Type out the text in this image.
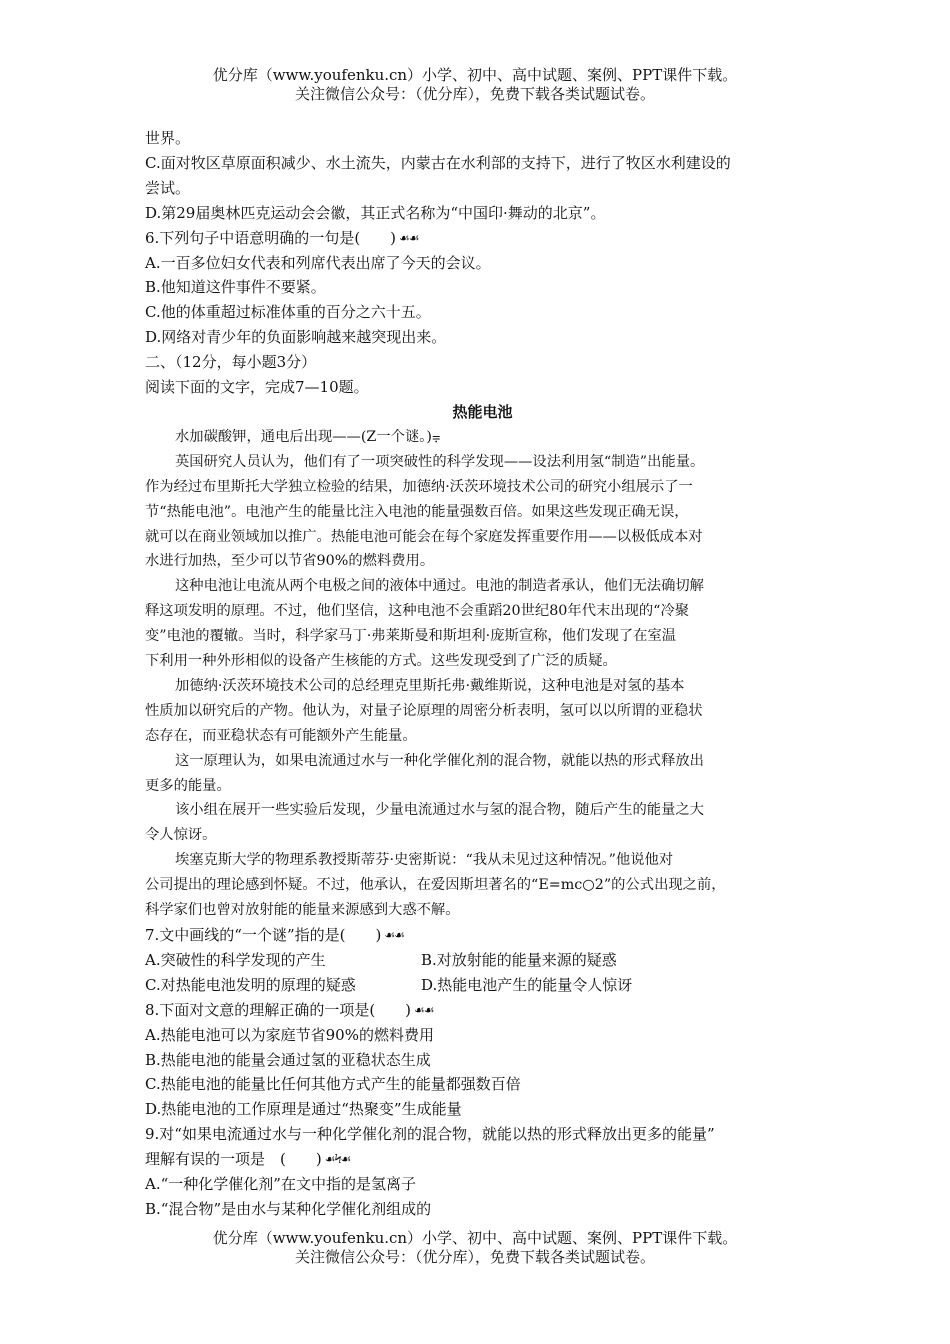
优分库（www.youfenku.cn）小学、初中、高中试题、案例、PPT课件下载。
关注微信公众号：（优分库），免费下载各类试题试卷。
世界。
C.面对牧区草原面积减少、水土流失，内蒙古在水利部的支持下，进行了牧区水利建设的
尝试。
D.第29届奥林匹克运动会会徽，其正式名称为“中国印·舞动的北京”。
6.下列句子中语意明确的一句是(　　) ☙☙
A.一百多位妇女代表和列席代表出席了今天的会议。
B.他知道这件事件不要紧。
C.他的体重超过标准体重的百分之六十五。
D.网络对青少年的负面影响越来越突现出来。
二、（12分，每小题3分）
阅读下面的文字，完成7—10题。
热能电池
水加碳酸钾，通电后出现——(Z一个谜。)⩦
英国研究人员认为，他们有了一项突破性的科学发现——设法利用氢“制造”出能量。
作为经过布里斯托大学独立检验的结果，加德纳·沃茨环境技术公司的研究小组展示了一
节“热能电池”。电池产生的能量比注入电池的能量强数百倍。如果这些发现正确无误，
就可以在商业领域加以推广。热能电池可能会在每个家庭发挥重要作用——以极低成本对
水进行加热，至少可以节省90%的燃料费用。
这种电池让电流从两个电极之间的液体中通过。电池的制造者承认，他们无法确切解
释这项发明的原理。不过，他们坚信，这种电池不会重蹈20世纪80年代末出现的“冷聚
变”电池的覆辙。当时，科学家马丁·弗莱斯曼和斯坦利·庞斯宣称，他们发现了在室温
下利用一种外形相似的设备产生核能的方式。这些发现受到了广泛的质疑。
加德纳·沃茨环境技术公司的总经理克里斯托弗·戴维斯说，这种电池是对氢的基本
性质加以研究后的产物。他认为，对量子论原理的周密分析表明，氢可以以所谓的亚稳状
态存在，而亚稳状态有可能额外产生能量。
这一原理认为，如果电流通过水与一种化学催化剂的混合物，就能以热的形式释放出
更多的能量。
该小组在展开一些实验后发现，少量电流通过水与氢的混合物，随后产生的能量之大
令人惊讶。
埃塞克斯大学的物理系教授斯蒂芬·史密斯说：“我从未见过这种情况。”他说他对
公司提出的理论感到怀疑。不过，他承认，在爱因斯坦著名的“E=mc○2”的公式出现之前，
科学家们也曾对放射能的能量来源感到大惑不解。
7.文中画线的“一个谜”指的是(　　) ☙☙
A.突破性的科学发现的产生	B.对放射能的能量来源的疑惑
C.对热能电池发明的原理的疑惑	D.热能电池产生的能量令人惊讶
8.下面对文意的理解正确的一项是(　　) ☙☙
A.热能电池可以为家庭节省90%的燃料费用
B.热能电池的能量会通过氢的亚稳状态生成
C.热能电池的能量比任何其他方式产生的能量都强数百倍
D.热能电池的工作原理是通过“热聚变”生成能量
9.对“如果电流通过水与一种化学催化剂的混合物，就能以热的形式释放出更多的能量”
理解有误的一项是　(　　) ☙Ϟ☙
A.“一种化学催化剂”在文中指的是氢离子
B.“混合物”是由水与某种化学催化剂组成的
优分库（www.youfenku.cn）小学、初中、高中试题、案例、PPT课件下载。
关注微信公众号：（优分库），免费下载各类试题试卷。
